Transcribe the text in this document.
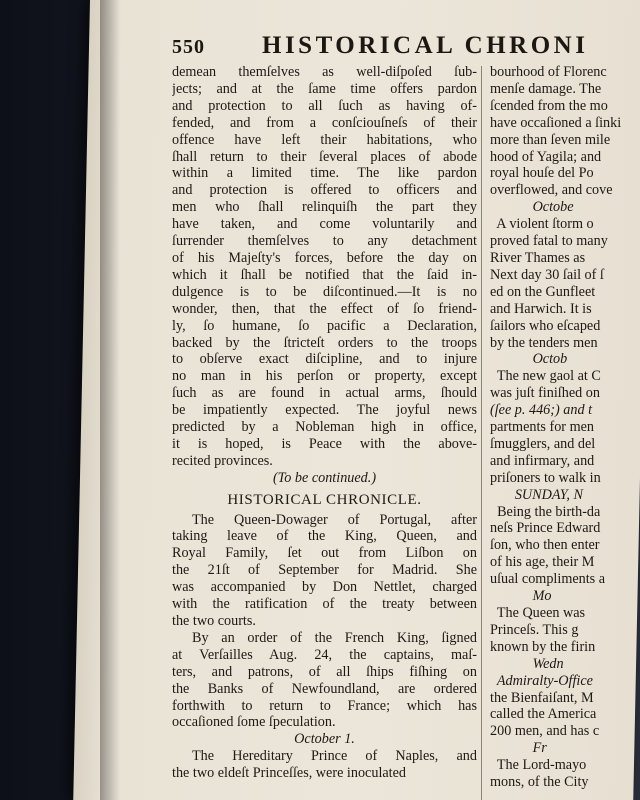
550 HISTORICAL CHRONI
demean themſelves as well-diſpoſed ſub-
jects; and at the ſame time offers pardon
and protection to all ſuch as having of-
fended, and from a conſciouſneſs of their
offence have left their habitations, who
ſhall return to their ſeveral places of abode
within a limited time. The like pardon
and protection is offered to officers and
men who ſhall relinquiſh the part they
have taken, and come voluntarily and
ſurrender themſelves to any detachment
of his Majeſty's forces, before the day on
which it ſhall be notified that the ſaid in-
dulgence is to be diſcontinued.—It is no
wonder, then, that the effect of ſo friend-
ly, ſo humane, ſo pacific a Declaration,
backed by the ſtricteſt orders to the troops
to obſerve exact diſcipline, and to injure
no man in his perſon or property, except
ſuch as are found in actual arms, ſhould
be impatiently expected. The joyful news
predicted by a Nobleman high in office,
it is hoped, is Peace with the above-
recited provinces.
(To be continued.)
HISTORICAL CHRONICLE.
The Queen-Dowager of Portugal, after
taking leave of the King, Queen, and
Royal Family, ſet out from Liſbon on
the 21ſt of September for Madrid. She
was accompanied by Don Nettlet, charged
with the ratification of the treaty between
the two courts.
By an order of the French King, ſigned
at Verſailles Aug. 24, the captains, maſ-
ters, and patrons, of all ſhips fiſhing on
the Banks of Newfoundland, are ordered
forthwith to return to France; which has
occaſioned ſome ſpeculation.
October 1.
The Hereditary Prince of Naples, and
the two eldeſt Princeſſes, were inoculated
bourhood of Florenc
menſe damage. The
ſcended from the mo
have occaſioned a ſinki
more than ſeven mile
hood of Yagila; and
royal houſe del Po
overflowed, and cove
Octobe
A violent ſtorm o
proved fatal to many
River Thames as
Next day 30 ſail of ſ
ed on the Gunfleet
and Harwich. It is
ſailors who eſcaped
by the tenders men
Octob
The new gaol at C
was juſt finiſhed on
(ſee p. 446;) and t
partments for men
ſmugglers, and del
and infirmary, and
priſoners to walk in
SUNDAY, N
Being the birth-da
neſs Prince Edward
ſon, who then enter
of his age, their M
uſual compliments a
Mo
The Queen was
Princeſs. This g
known by the firin
Wedn
Admiralty-Office
the Bienfaiſant, M
called the America
200 men, and has c
Fr
The Lord-mayo
mons, of the City
